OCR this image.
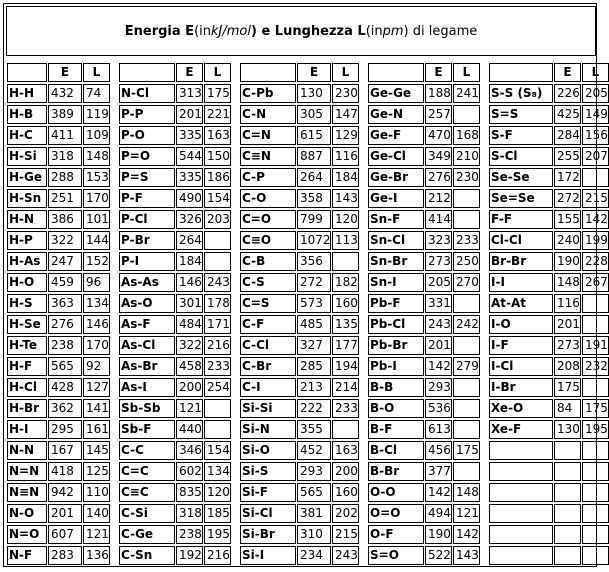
Energia E (in kJ/mol ) e Lunghezza L (in pm ) di legame
E	L
H-H	432	74
H-B	389	119
H-C	411	109
H-Si	318	148
H-Ge 288	153
H-Sn 251	170
H-N	386	101
H-P	322	144
H-As 247	152
H-O	459	96
H-S	363	134
H-Se 276	146
H-Te	238	170
H-F	565	92
H-Cl	428	127
H-Br 362	141
H-I	295	161
N-N	167	145
N=N 418	125
N≡N 942	110
N-O	201	140
N=O 607	121
N-F	283	136
E	L
N-Cl	313 175
P-P	201 221
P-O	335 163
P=O	544 150
P=S	335 186
P-F	490 154
P-Cl	326 203
P-Br	264
P-I	184
As-As	146 243
As-O	301 178
As-F	484 171
As-Cl	322 216
As-Br	458 233
As-I	200 254
Sb-Sb	121
Sb-F	440
C-C	346 154
C=C	602 134
C≡C	835 120
C-Si	318 185
C-Ge	238 195
C-Sn	192 216
E	L
C-Pb	130	230
C-N	305	147
C=N	615	129
C≡N	887	116
C-P	264	184
C-O	358	143
C=O	799	120
C≡O	1072 113
C-B	356
C-S	272	182
C=S	573	160
C-F	485	135
C-Cl	327	177
C-Br	285	194
C-I	213	214
Si-Si	222	233
Si-N	355
Si-O	452	163
Si-S	293	200
Si-F	565	160
Si-Cl	381	202
Si-Br	310	215
Si-I	234	243
E	L
Ge-Ge	188 241
Ge-N	257
Ge-F	470 168
Ge-Cl	349 210
Ge-Br	276 230
Ge-I	212
Sn-F	414
Sn-Cl	323 233
Sn-Br	273 250
Sn-I	205 270
Pb-F	331
Pb-Cl	243 242
Pb-Br	201
Pb-I	142 279
B-B	293
B-O	536
B-F	613
B-Cl	456 175
B-Br	377
O-O	142 148
O=O	494 121
O-F	190 142
S=O	522 143
E	L
S-S (S₈)	226 205
S=S	425 149
S-F	284 156
S-Cl	255 207
Se-Se	172
Se=Se	272 215
F-F	155 142
Cl-Cl	240 199
Br-Br	190 228
I-I	148 267
At-At	116
I-O	201
I-F	273 191
I-Cl	208 232
I-Br	175
Xe-O	84	175
Xe-F	130 195
